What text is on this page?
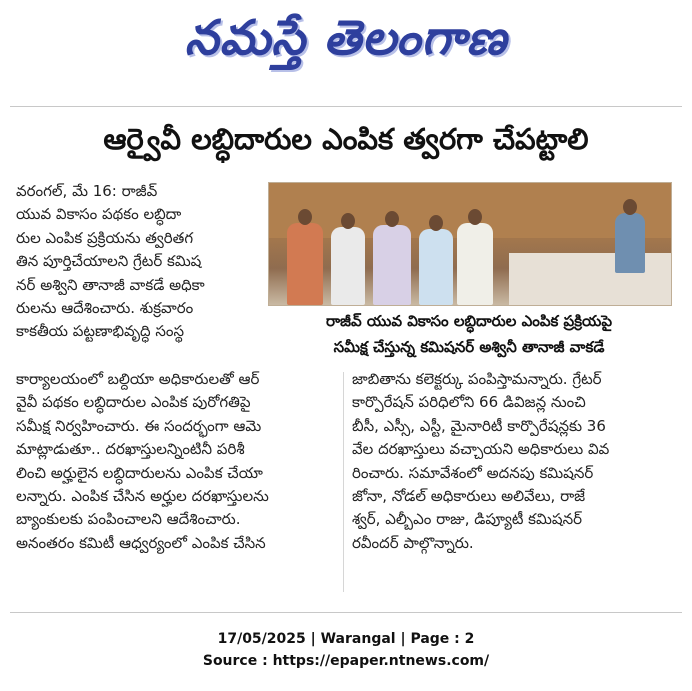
నమస్తే తెలంగాణ
ఆర్వైవీ లబ్ధిదారుల ఎంపిక త్వరగా చేపట్టాలి

వరంగల్, మే 16: రాజీవ్

యువ వికాసం పథకం లబ్ధిదా

రుల ఎంపిక ప్రక్రియను త్వరితగ

తిన పూర్తిచేయాలని గ్రేటర్ కమిష

నర్ అశ్విని తానాజీ వాకడే అధికా

రులను ఆదేశించారు. శుక్రవారం

కాకతీయ పట్టణాభివృద్ధి సంస్థ

రాజీవ్ యువ వికాసం లబ్ధిదారుల ఎంపిక ప్రక్రియపై
సమీక్ష చేస్తున్న కమిషనర్ అశ్వినీ తానాజీ వాకడే

కార్యాలయంలో బల్దియా అధికారులతో ఆర్

వైవీ పథకం లబ్ధిదారుల ఎంపిక పురోగతిపై

సమీక్ష నిర్వహించారు. ఈ సందర్భంగా ఆమె

మాట్లాడుతూ.. దరఖాస్తులన్నింటినీ పరిశీ

లించి అర్హులైన లబ్ధిదారులను ఎంపిక చేయా

లన్నారు. ఎంపిక చేసిన అర్హుల దరఖాస్తులను

బ్యాంకులకు పంపించాలని ఆదేశించారు.

అనంతరం కమిటీ ఆధ్వర్యంలో ఎంపిక చేసిన

జాబితాను కలెక్టర్కు పంపిస్తామన్నారు. గ్రేటర్

కార్పొరేషన్ పరిధిలోని 66 డివిజన్ల నుంచి

బీసీ, ఎస్సీ, ఎస్టీ, మైనారిటీ కార్పొరేషన్లకు 36

వేల దరఖాస్తులు వచ్చాయని అధికారులు వివ

రించారు. సమావేశంలో అదనపు కమిషనర్

జోనా, నోడల్ అధికారులు అలివేలు, రాజే

శ్వర్, ఎల్బీఎం రాజు, డిప్యూటీ కమిషనర్

రవీందర్ పాల్గొన్నారు.

17/05/2025 | Warangal | Page : 2
Source : https://epaper.ntnews.com/
